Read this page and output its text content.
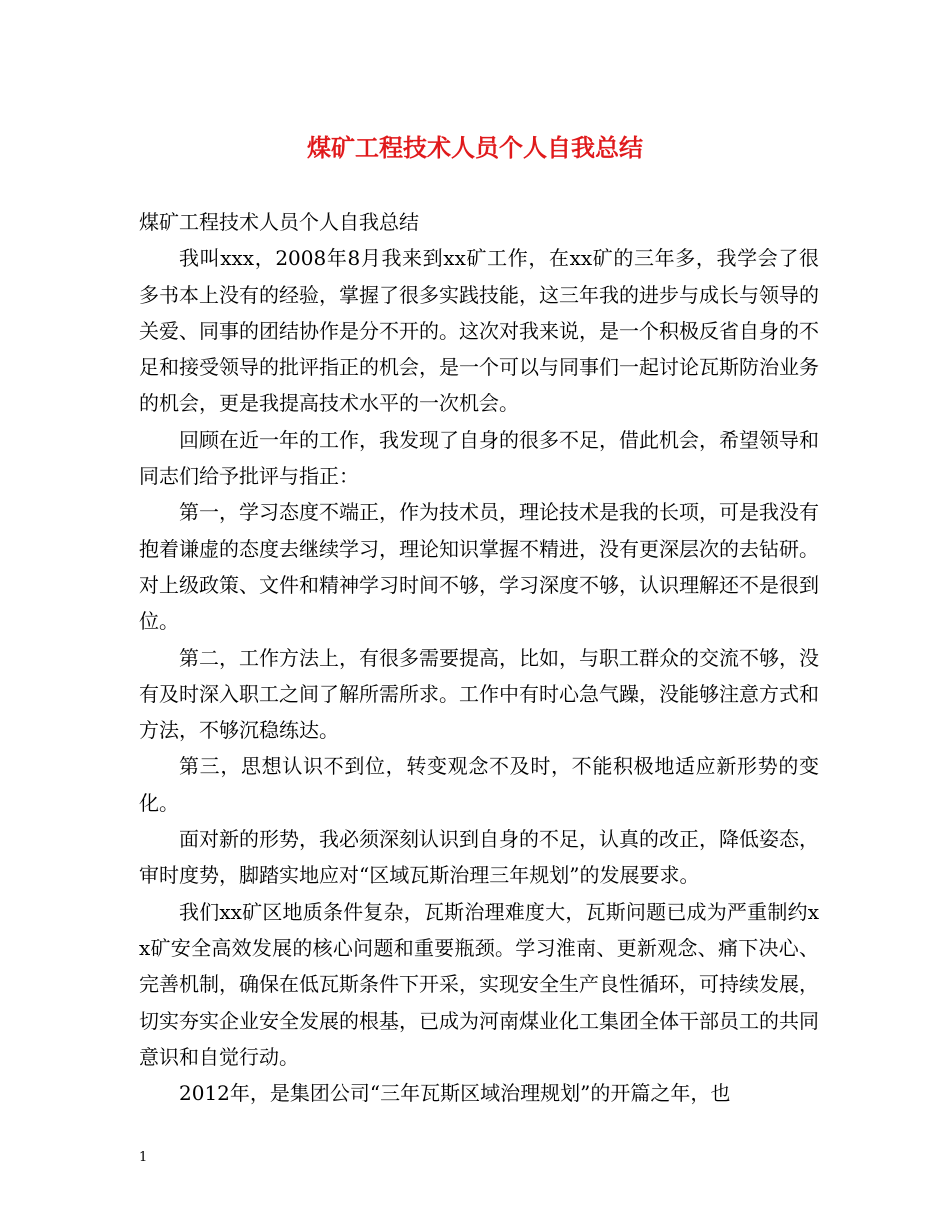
煤矿工程技术人员个人自我总结

煤矿工程技术人员个人自我总结

我叫xxx，2008年8月我来到xx矿工作，在xx矿的三年多，我学会了很多书本上没有的经验，掌握了很多实践技能，这三年我的进步与成长与领导的关爱、同事的团结协作是分不开的。这次对我来说，是一个积极反省自身的不足和接受领导的批评指正的机会，是一个可以与同事们一起讨论瓦斯防治业务的机会，更是我提高技术水平的一次机会。

回顾在近一年的工作，我发现了自身的很多不足，借此机会，希望领导和同志们给予批评与指正：

第一，学习态度不端正，作为技术员，理论技术是我的长项，可是我没有抱着谦虚的态度去继续学习，理论知识掌握不精进，没有更深层次的去钻研。对上级政策、文件和精神学习时间不够，学习深度不够，认识理解还不是很到位。

第二，工作方法上，有很多需要提高，比如，与职工群众的交流不够，没有及时深入职工之间了解所需所求。工作中有时心急气躁，没能够注意方式和方法，不够沉稳练达。

第三，思想认识不到位，转变观念不及时，不能积极地适应新形势的变化。

面对新的形势，我必须深刻认识到自身的不足，认真的改正，降低姿态，审时度势，脚踏实地应对“区域瓦斯治理三年规划”的发展要求。

我们xx矿区地质条件复杂，瓦斯治理难度大，瓦斯问题已成为严重制约xx矿安全高效发展的核心问题和重要瓶颈。学习淮南、更新观念、痛下决心、完善机制，确保在低瓦斯条件下开采，实现安全生产良性循环，可持续发展，切实夯实企业安全发展的根基，已成为河南煤业化工集团全体干部员工的共同意识和自觉行动。

2012年，是集团公司“三年瓦斯区域治理规划”的开篇之年，也

1
